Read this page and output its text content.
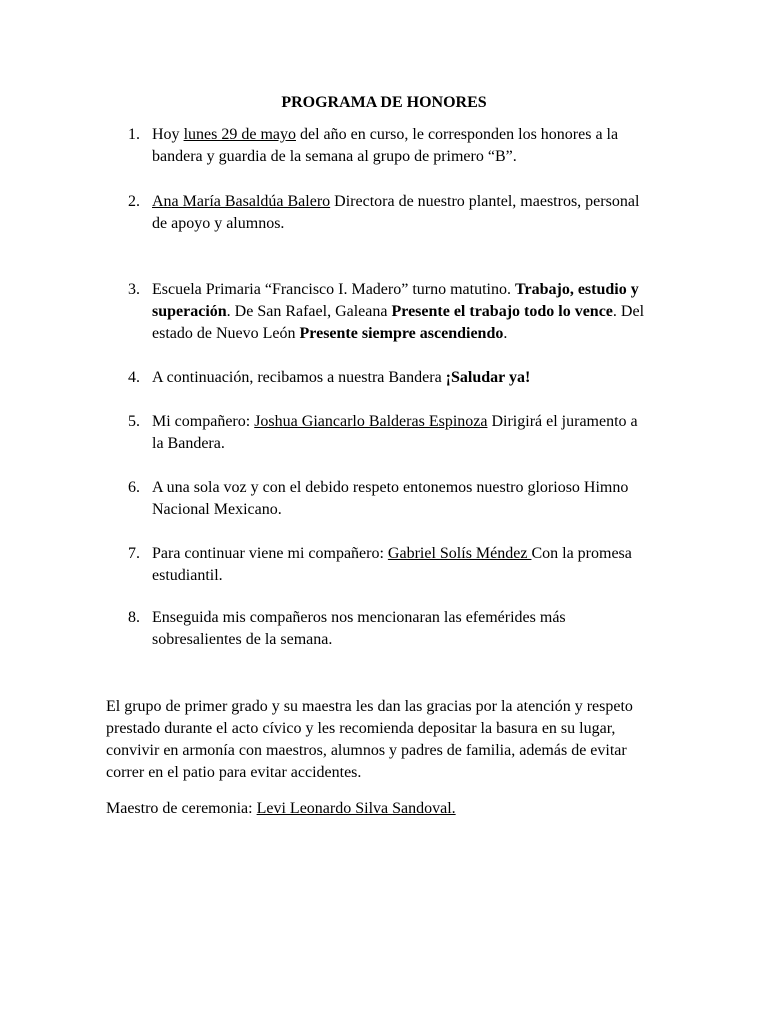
PROGRAMA DE HONORES
1. Hoy lunes 29 de mayo del año en curso, le corresponden los honores a la bandera y guardia de la semana al grupo de primero “B”.
2. Ana María Basaldúa Balero Directora de nuestro plantel, maestros, personal de apoyo y alumnos.
3. Escuela Primaria “Francisco I. Madero” turno matutino. Trabajo, estudio y superación. De San Rafael, Galeana Presente el trabajo todo lo vence. Del estado de Nuevo León Presente siempre ascendiendo.
4. A continuación, recibamos a nuestra Bandera ¡Saludar ya!
5. Mi compañero: Joshua Giancarlo Balderas Espinoza Dirigirá el juramento a la Bandera.
6. A una sola voz y con el debido respeto entonemos nuestro glorioso Himno Nacional Mexicano.
7. Para continuar viene mi compañero: Gabriel Solís Méndez Con la promesa estudiantil.
8. Enseguida mis compañeros nos mencionaran las efemérides más sobresalientes de la semana.

El grupo de primer grado y su maestra les dan las gracias por la atención y respeto prestado durante el acto cívico y les recomienda depositar la basura en su lugar, convivir en armonía con maestros, alumnos y padres de familia, además de evitar correr en el patio para evitar accidentes.

Maestro de ceremonia: Levi Leonardo Silva Sandoval.
